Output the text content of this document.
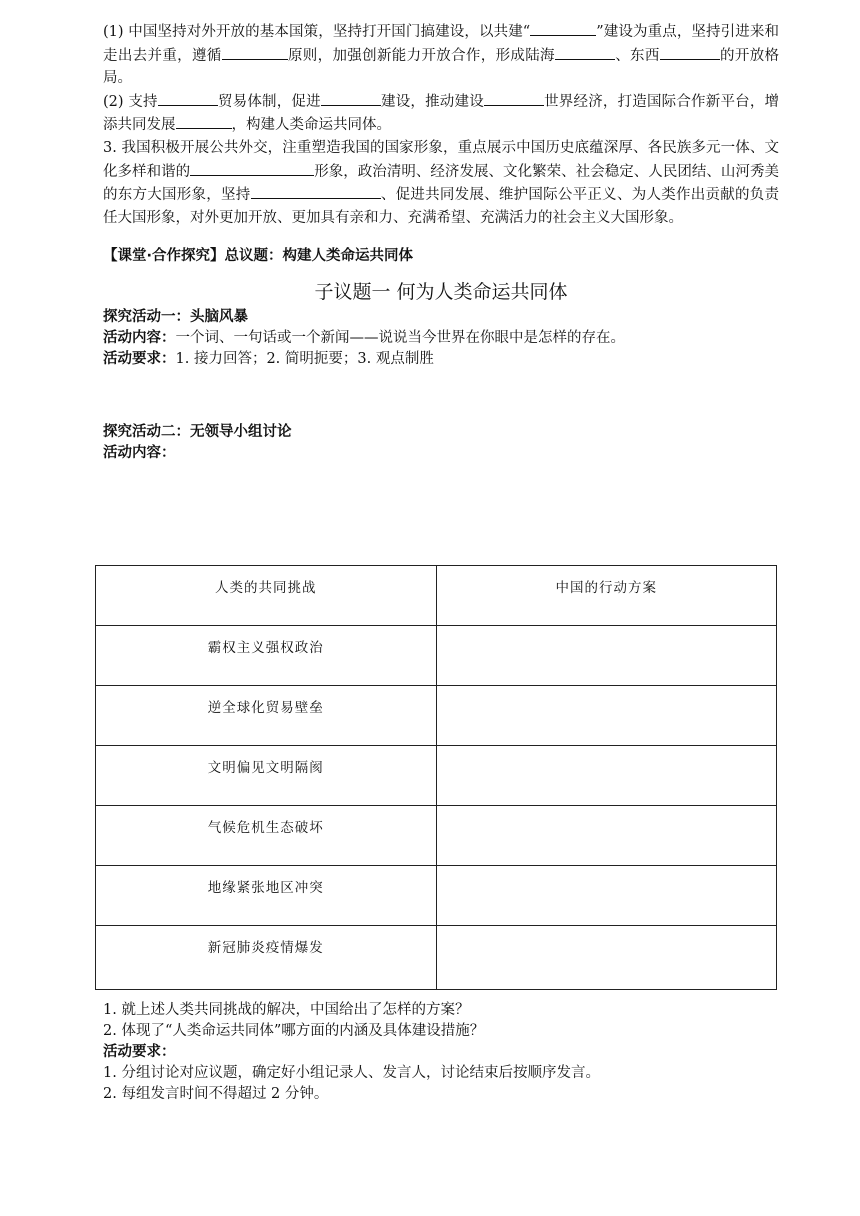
(1) 中国坚持对外开放的基本国策，坚持打开国门搞建设，以共建“	”建设为重点，坚持引进来和走出去并重，遵循	原则，加强创新能力开放合作，形成陆海	、东西	的开放格局。

(2) 支持	贸易体制，促进	建设，推动建设	世界经济，打造国际合作新平台，增添共同发展	，构建人类命运共同体。

3. 我国积极开展公共外交，注重塑造我国的国家形象，重点展示中国历史底蕴深厚、各民族多元一体、文化多样和谐的	形象，政治清明、经济发展、文化繁荣、社会稳定、人民团结、山河秀美的东方大国形象，坚持	、促进共同发展、维护国际公平正义、为人类作出贡献的负责任大国形象，对外更加开放、更加具有亲和力、充满希望、充满活力的社会主义大国形象。

【课堂·合作探究】总议题：构建人类命运共同体
子议题一 何为人类命运共同体

探究活动一：头脑风暴

活动内容：一个词、一句话或一个新闻——说说当今世界在你眼中是怎样的存在。

活动要求：1. 接力回答；2. 简明扼要；3. 观点制胜

探究活动二：无领导小组讨论

活动内容：

人类的共同挑战	中国的行动方案
霸权主义强权政治	
逆全球化贸易壁垒	
文明偏见文明隔阂	
气候危机生态破坏	
地缘紧张地区冲突	
新冠肺炎疫情爆发	

1. 就上述人类共同挑战的解决，中国给出了怎样的方案？

2. 体现了“人类命运共同体”哪方面的内涵及具体建设措施？

活动要求：

1. 分组讨论对应议题，确定好小组记录人、发言人，讨论结束后按顺序发言。

2. 每组发言时间不得超过 2 分钟。
